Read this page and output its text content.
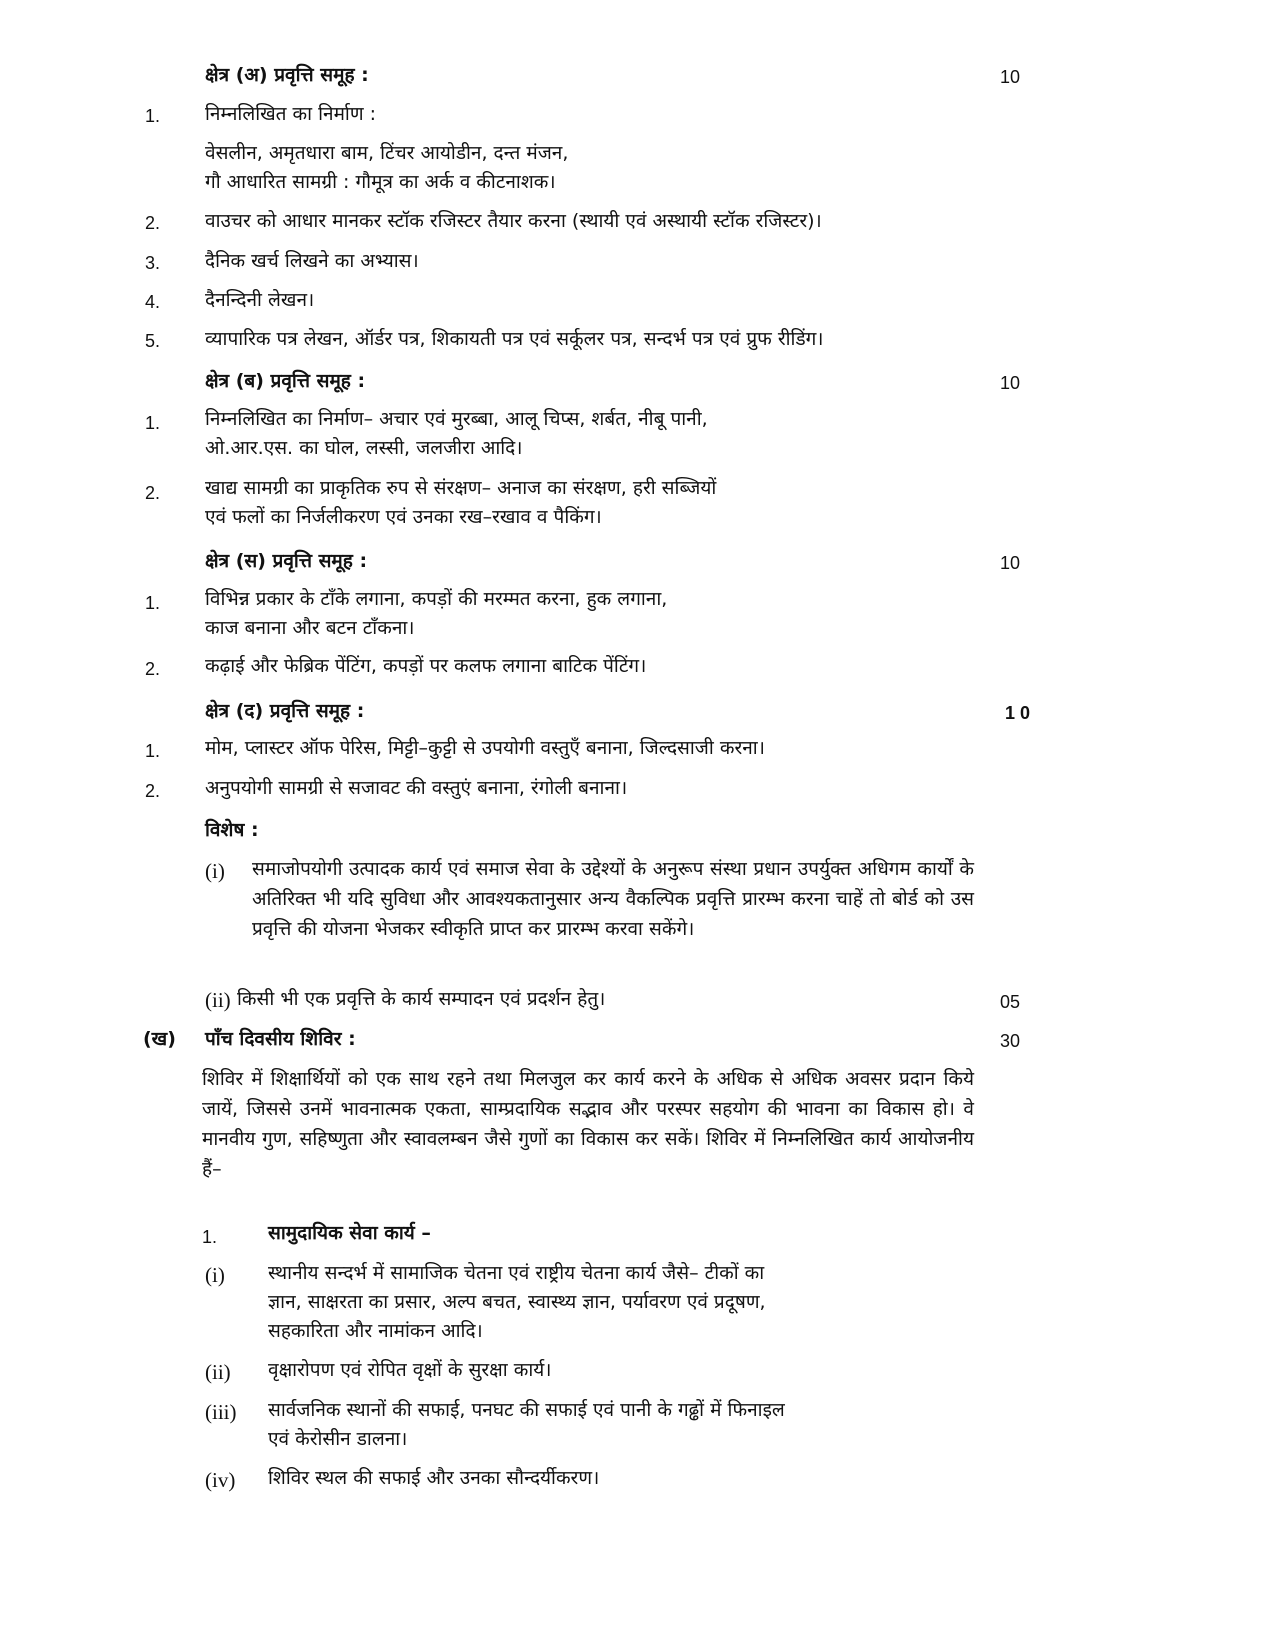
क्षेत्र (अ) प्रवृत्ति समूह :	10
1. निम्नलिखित का निर्माण :
वेसलीन, अमृतधारा बाम, टिंचर आयोडीन, दन्त मंजन,
गौ आधारित सामग्री : गौमूत्र का अर्क व कीटनाशक।
2. वाउचर को आधार मानकर स्टॉक रजिस्टर तैयार करना (स्थायी एवं अस्थायी स्टॉक रजिस्टर)।
3. दैनिक खर्च लिखने का अभ्यास।
4. दैनन्दिनी लेखन।
5. व्यापारिक पत्र लेखन, ऑर्डर पत्र, शिकायती पत्र एवं सर्कूलर पत्र, सन्दर्भ पत्र एवं प्रुफ रीडिंग।
क्षेत्र (ब) प्रवृत्ति समूह :	10
1. निम्नलिखित का निर्माण– अचार एवं मुरब्बा, आलू चिप्स, शर्बत, नीबू पानी,
ओ.आर.एस. का घोल, लस्सी, जलजीरा आदि।
2. खाद्य सामग्री का प्राकृतिक रुप से संरक्षण– अनाज का संरक्षण, हरी सब्जियों
एवं फलों का निर्जलीकरण एवं उनका रख–रखाव व पैकिंग।
क्षेत्र (स) प्रवृत्ति समूह :	10
1. विभिन्न प्रकार के टाँके लगाना, कपड़ों की मरम्मत करना, हुक लगाना,
काज बनाना और बटन टाँकना।
2. कढ़ाई और फेब्रिक पेंटिंग, कपड़ों पर कलफ लगाना बाटिक पेंटिंग।
क्षेत्र (द) प्रवृत्ति समूह :	1 0
1. मोम, प्लास्टर ऑफ पेरिस, मिट्टी–कुट्टी से उपयोगी वस्तुएँ बनाना, जिल्दसाजी करना।
2. अनुपयोगी सामग्री से सजावट की वस्तुएं बनाना, रंगोली बनाना।
विशेष :
(i) समाजोपयोगी उत्पादक कार्य एवं समाज सेवा के उद्देश्यों के अनुरूप संस्था प्रधान उपर्युक्त अधिगम कार्यों के अतिरिक्त भी यदि सुविधा और आवश्यकतानुसार अन्य वैकल्पिक प्रवृत्ति प्रारम्भ करना चाहें तो बोर्ड को उस प्रवृत्ति की योजना भेजकर स्वीकृति प्राप्त कर प्रारम्भ करवा सकेंगे।
(ii) किसी भी एक प्रवृत्ति के कार्य सम्पादन एवं प्रदर्शन हेतु।	05
(ख) पाँच दिवसीय शिविर :	30
शिविर में शिक्षार्थियों को एक साथ रहने तथा मिलजुल कर कार्य करने के अधिक से अधिक अवसर प्रदान किये जायें, जिससे उनमें भावनात्मक एकता, साम्प्रदायिक सद्भाव और परस्पर सहयोग की भावना का विकास हो। वे मानवीय गुण, सहिष्णुता और स्वावलम्बन जैसे गुणों का विकास कर सकें। शिविर में निम्नलिखित कार्य आयोजनीय हैं–
1.	सामुदायिक सेवा कार्य –
(i) स्थानीय सन्दर्भ में सामाजिक चेतना एवं राष्ट्रीय चेतना कार्य जैसे– टीकों का
ज्ञान, साक्षरता का प्रसार, अल्प बचत, स्वास्थ्य ज्ञान, पर्यावरण एवं प्रदूषण,
सहकारिता और नामांकन आदि।
(ii) वृक्षारोपण एवं रोपित वृक्षों के सुरक्षा कार्य।
(iii) सार्वजनिक स्थानों की सफाई, पनघट की सफाई एवं पानी के गढ्ढों में फिनाइल
एवं केरोसीन डालना।
(iv) शिविर स्थल की सफाई और उनका सौन्दर्यीकरण।
